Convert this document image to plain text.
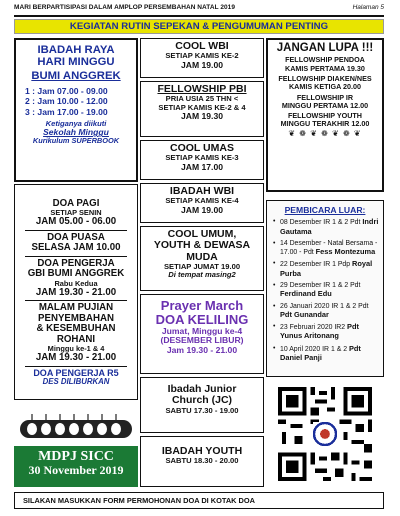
MARI BERPARTISIPASI DALAM AMPLOP PERSEMBAHAN NATAL 2019	Halaman 5
KEGIATAN RUTIN SEPEKAN & PENGUMUMAN PENTING
IBADAH RAYA
HARI MINGGU
BUMI ANGGREK
1 : Jam 07.00 - 09.00
2 : Jam 10.00 - 12.00
3 : Jam 17.00 - 19.00
Ketiganya diikuti
Sekolah Minggu
Kurikulum SUPERBOOK
DOA PAGI
SETIAP SENIN
JAM 05.00 - 06.00
DOA PUASA
SELASA JAM 10.00
DOA PENGERJA
GBI BUMI ANGGREK
Rabu Kedua
JAM 19.30 - 21.00
MALAM PUJIAN
PENYEMBAHAN
& KESEMBUHAN
ROHANI
Minggu ke-1 & 4
JAM 19.30 - 21.00
DOA PENGERJA R5
DES DILIBURKAN
MDPJ SICC
30 November 2019
COOL WBI
SETIAP KAMIS KE-2
JAM 19.00
FELLOWSHIP PBI
PRIA USIA 25 THN <
SETIAP KAMIS KE-2 & 4
JAM 19.30
COOL UMAS
SETIAP KAMIS KE-3
JAM 17.00
IBADAH WBI
SETIAP KAMIS KE-4
JAM 19.00
COOL UMUM,
YOUTH & DEWASA
MUDA
SETIAP JUMAT 19.00
Di tempat masing2
Prayer March
DOA KELILING
Jumat, Minggu ke-4
(DESEMBER LIBUR)
Jam 19.30 - 21.00
Ibadah Junior
Church (JC)
SABTU 17.30 - 19.00
IBADAH YOUTH
SABTU 18.30 - 20.00
JANGAN LUPA !!!
FELLOWSHIP PENDOA
KAMIS PERTAMA 19.30
FELLOWSHIP DIAKEN/NES
KAMIS KETIGA 20.00
FELLOWSHIP IR
MINGGU PERTAMA 12.00
FELLOWSHIP YOUTH
MINGGU TERAKHIR 12.00
❦ ❁ ❦ ❁ ❦ ❁ ❦
PEMBICARA LUAR:
• 08 Desember IR 1 & 2 Pdt Indri Gautama
• 14 Desember - Natal Bersama - 17.00 - Pdt Fess Montezuma
• 22 Desember IR 1 Pdp Royal Purba
• 29 Desember IR 1 & 2 Pdt Ferdinand Edu
• 26 Januari 2020 IR 1 & 2 Pdt Pdt Gunandar
• 23 Februari 2020 IR2 Pdt Yunus Aritonang
• 10 April 2020 IR 1 & 2 Pdt Daniel Panji
SILAKAN MASUKKAN FORM PERMOHONAN DOA DI KOTAK DOA
